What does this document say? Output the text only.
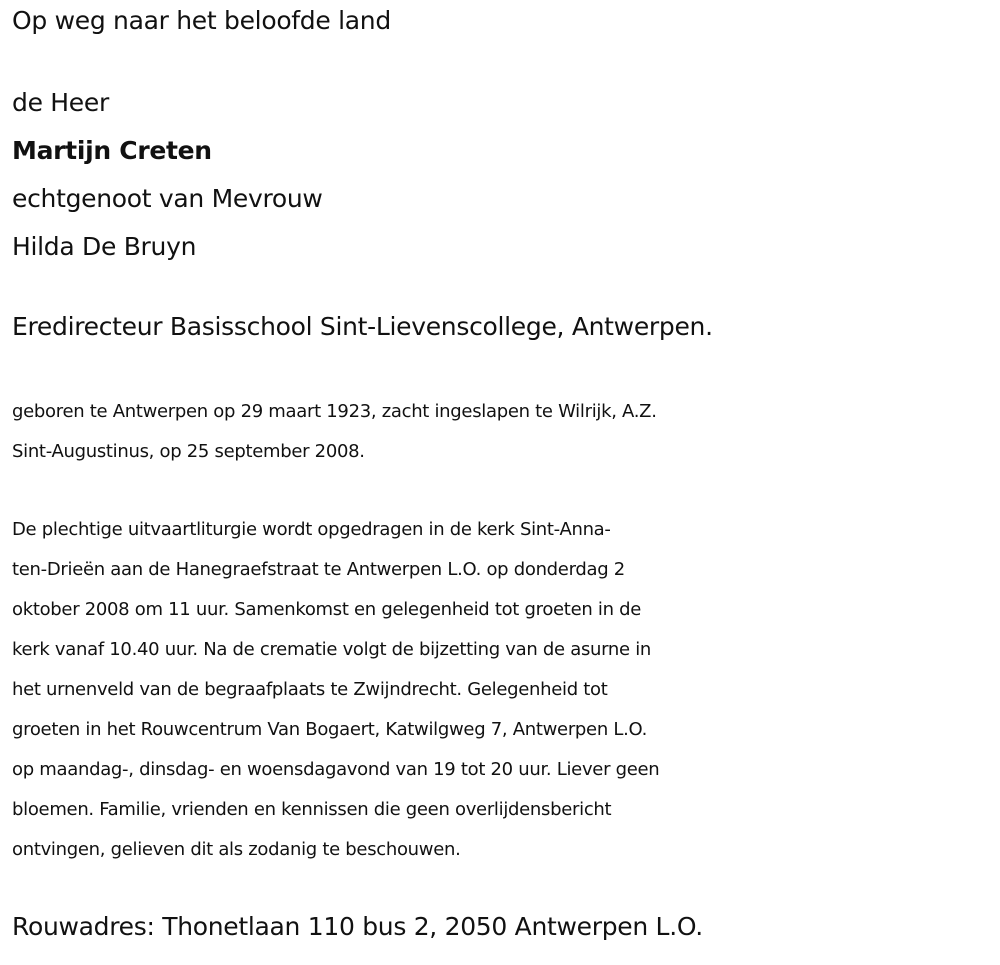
Op weg naar het beloofde land

de Heer

Martijn Creten

echtgenoot van Mevrouw

Hilda De Bruyn

Eredirecteur Basisschool Sint-Lievenscollege, Antwerpen.

geboren te Antwerpen op 29 maart 1923, zacht ingeslapen te Wilrijk, A.Z.
Sint-Augustinus, op 25 september 2008.
De plechtige uitvaartliturgie wordt opgedragen in de kerk Sint-Anna-
ten-Drieën aan de Hanegraefstraat te Antwerpen L.O. op donderdag 2
oktober 2008 om 11 uur. Samenkomst en gelegenheid tot groeten in de
kerk vanaf 10.40 uur. Na de crematie volgt de bijzetting van de asurne in
het urnenveld van de begraafplaats te Zwijndrecht. Gelegenheid tot
groeten in het Rouwcentrum Van Bogaert, Katwilgweg 7, Antwerpen L.O.
op maandag-, dinsdag- en woensdagavond van 19 tot 20 uur. Liever geen
bloemen. Familie, vrienden en kennissen die geen overlijdensbericht
ontvingen, gelieven dit als zodanig te beschouwen.

Rouwadres: Thonetlaan 110 bus 2, 2050 Antwerpen L.O.
